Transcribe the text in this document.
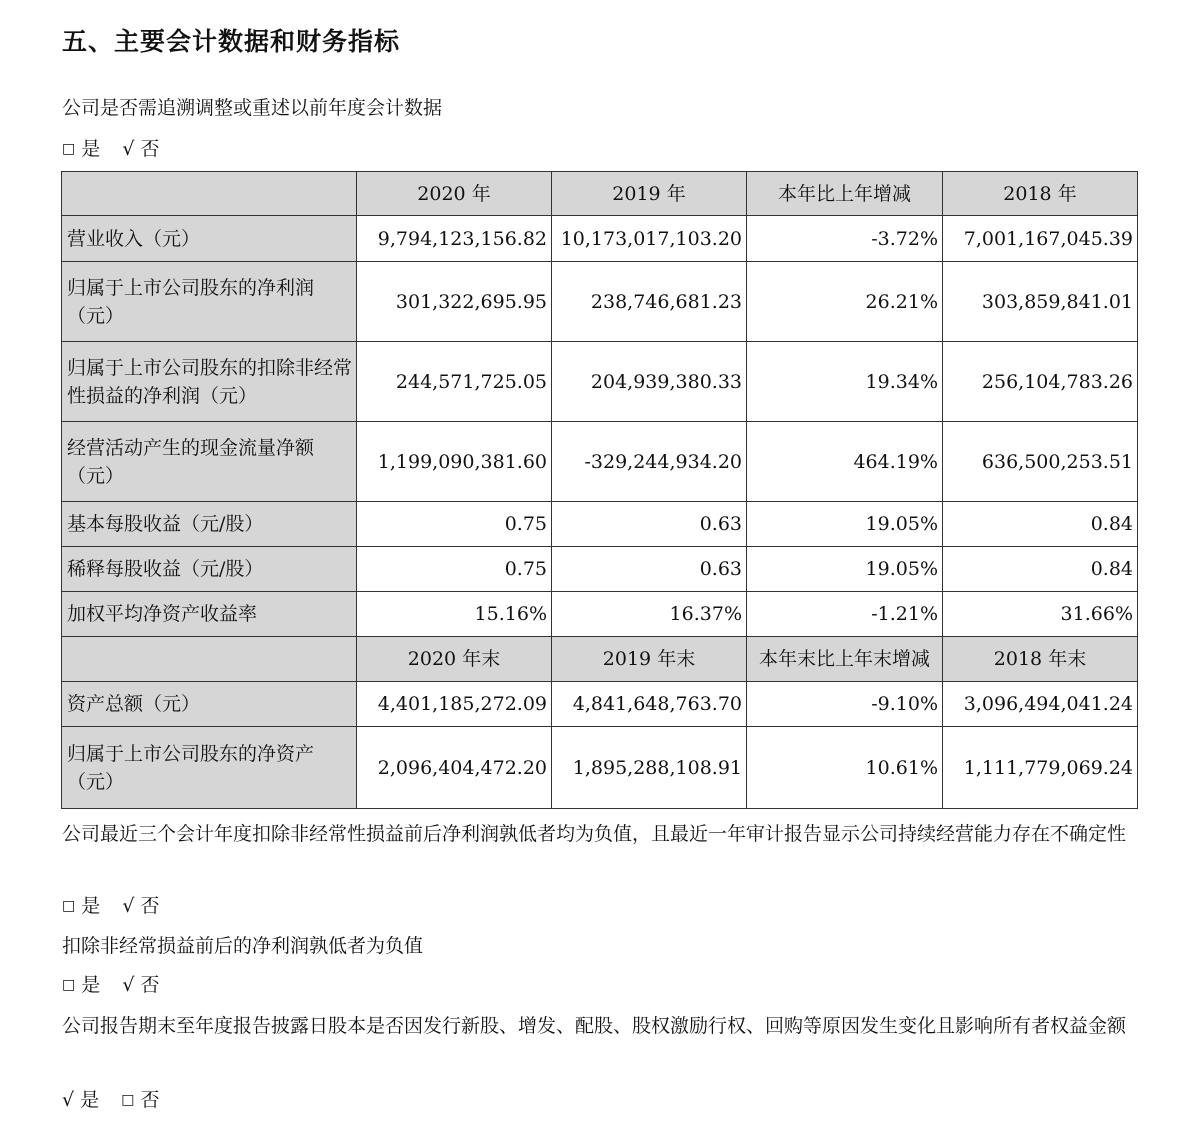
五、主要会计数据和财务指标
公司是否需追溯调整或重述以前年度会计数据
□ 是 √ 否
	2020 年	2019 年	本年比上年增减	2018 年
营业收入（元）	9,794,123,156.82	10,173,017,103.20	-3.72%	7,001,167,045.39
归属于上市公司股东的净利润（元）	301,322,695.95	238,746,681.23	26.21%	303,859,841.01
归属于上市公司股东的扣除非经常性损益的净利润（元）	244,571,725.05	204,939,380.33	19.34%	256,104,783.26
经营活动产生的现金流量净额（元）	1,199,090,381.60	-329,244,934.20	464.19%	636,500,253.51
基本每股收益（元/股）	0.75	0.63	19.05%	0.84
稀释每股收益（元/股）	0.75	0.63	19.05%	0.84
加权平均净资产收益率	15.16%	16.37%	-1.21%	31.66%
	2020 年末	2019 年末	本年末比上年末增减	2018 年末
资产总额（元）	4,401,185,272.09	4,841,648,763.70	-9.10%	3,096,494,041.24
归属于上市公司股东的净资产（元）	2,096,404,472.20	1,895,288,108.91	10.61%	1,111,779,069.24
公司最近三个会计年度扣除非经常性损益前后净利润孰低者均为负值，且最近一年审计报告显示公司持续经营能力存在不确定性
□ 是 √ 否
扣除非经常损益前后的净利润孰低者为负值
□ 是 √ 否
公司报告期末至年度报告披露日股本是否因发行新股、增发、配股、股权激励行权、回购等原因发生变化且影响所有者权益金额
√ 是 □ 否
